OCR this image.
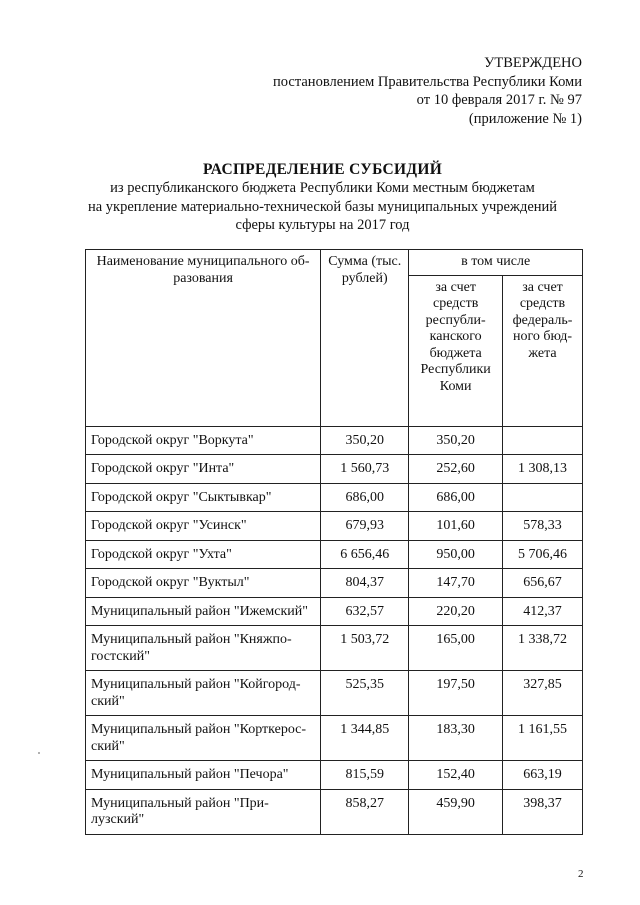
УТВЕРЖДЕНО
постановлением Правительства Республики Коми
от 10 февраля 2017 г. № 97
(приложение № 1)
РАСПРЕДЕЛЕНИЕ СУБСИДИЙ
из республиканского бюджета Республики Коми местным бюджетам
на укрепление материально-технической базы муниципальных учреждений
сферы культуры на 2017 год
Наименование муниципального об-разования	Сумма (тыс. рублей)	в том числе	
		за счет средств республи-канского бюджета Республики Коми	за счет средств федераль-ного бюд-жета
Городской округ "Воркута"	350,20	350,20	
Городской округ "Инта"	1 560,73	252,60	1 308,13
Городской округ "Сыктывкар"	686,00	686,00	
Городской округ "Усинск"	679,93	101,60	578,33
Городской округ "Ухта"	6 656,46	950,00	5 706,46
Городской округ "Вуктыл"	804,37	147,70	656,67
Муниципальный район "Ижемский"	632,57	220,20	412,37
Муниципальный район "Княжпо-гостский"	1 503,72	165,00	1 338,72
Муниципальный район "Койгород-ский"	525,35	197,50	327,85
Муниципальный район "Корткерос-ский"	1 344,85	183,30	1 161,55
Муниципальный район "Печора"	815,59	152,40	663,19
Муниципальный район "При-лузский"	858,27	459,90	398,37
2
